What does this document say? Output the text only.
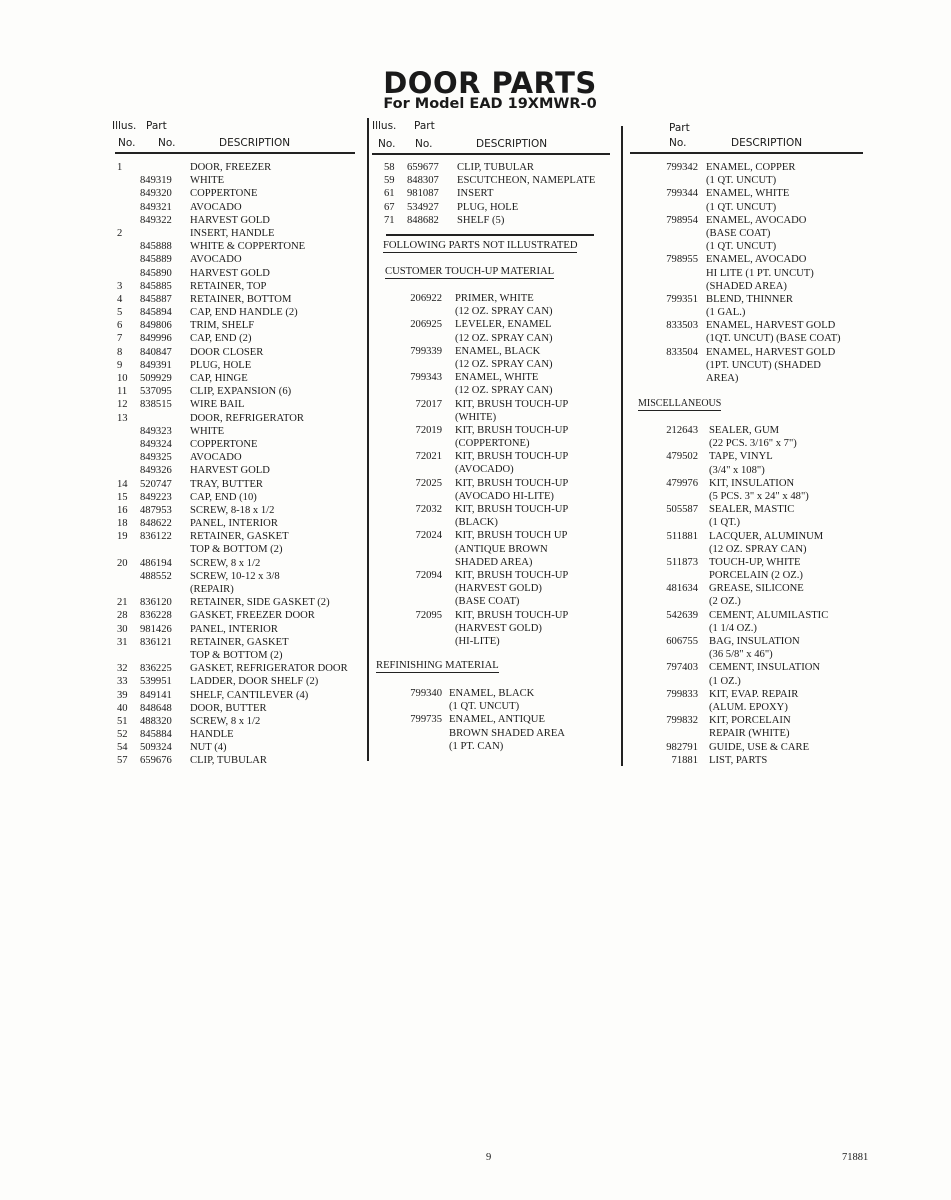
DOOR PARTS
For Model EAD 19XMWR-0
Illus. Part
No. No.	DESCRIPTION
Illus. Part
No. No.	DESCRIPTION
Part
No.	DESCRIPTION
1	DOOR, FREEZER
849319 WHITE
849320 COPPERTONE
849321 AVOCADO
849322 HARVEST GOLD
2	INSERT, HANDLE
845888 WHITE & COPPERTONE
845889 AVOCADO
845890 HARVEST GOLD
3 845885 RETAINER, TOP
4 845887 RETAINER, BOTTOM
5 845894 CAP, END HANDLE (2)
6 849806 TRIM, SHELF
7 849996 CAP, END (2)
8 840847 DOOR CLOSER
9 849391 PLUG, HOLE
10 509929 CAP, HINGE
11 537095 CLIP, EXPANSION (6)
12 838515 WIRE BAIL
13	DOOR, REFRIGERATOR
849323 WHITE
849324 COPPERTONE
849325 AVOCADO
849326 HARVEST GOLD
14 520747 TRAY, BUTTER
15 849223 CAP, END (10)
16 487953 SCREW, 8-18 x 1/2
18 848622 PANEL, INTERIOR
19 836122 RETAINER, GASKET
TOP & BOTTOM (2)
20 486194 SCREW, 8 x 1/2
488552 SCREW, 10-12 x 3/8
(REPAIR)
21 836120 RETAINER, SIDE GASKET (2)
28 836228 GASKET, FREEZER DOOR
30 981426 PANEL, INTERIOR
31 836121 RETAINER, GASKET
TOP & BOTTOM (2)
32 836225 GASKET, REFRIGERATOR DOOR
33 539951 LADDER, DOOR SHELF (2)
39 849141 SHELF, CANTILEVER (4)
40 848648 DOOR, BUTTER
51 488320 SCREW, 8 x 1/2
52 845884 HANDLE
54 509324 NUT (4)
57 659676 CLIP, TUBULAR
58 659677 CLIP, TUBULAR
59 848307 ESCUTCHEON, NAMEPLATE
61 981087 INSERT
67 534927 PLUG, HOLE
71 848682 SHELF (5)
FOLLOWING PARTS NOT ILLUSTRATED
CUSTOMER TOUCH-UP MATERIAL
206922 PRIMER, WHITE
(12 OZ. SPRAY CAN)
206925 LEVELER, ENAMEL
(12 OZ. SPRAY CAN)
799339 ENAMEL, BLACK
(12 OZ. SPRAY CAN)
799343 ENAMEL, WHITE
(12 OZ. SPRAY CAN)
72017 KIT, BRUSH TOUCH-UP
(WHITE)
72019 KIT, BRUSH TOUCH-UP
(COPPERTONE)
72021 KIT, BRUSH TOUCH-UP
(AVOCADO)
72025 KIT, BRUSH TOUCH-UP
(AVOCADO HI-LITE)
72032 KIT, BRUSH TOUCH-UP
(BLACK)
72024 KIT, BRUSH TOUCH UP
(ANTIQUE BROWN
SHADED AREA)
72094 KIT, BRUSH TOUCH-UP
(HARVEST GOLD)
(BASE COAT)
72095 KIT, BRUSH TOUCH-UP
(HARVEST GOLD)
(HI-LITE)
REFINISHING MATERIAL
799340 ENAMEL, BLACK
(1 QT. UNCUT)
799735 ENAMEL, ANTIQUE
BROWN SHADED AREA
(1 PT. CAN)
799342 ENAMEL, COPPER
(1 QT. UNCUT)
799344 ENAMEL, WHITE
(1 QT. UNCUT)
798954 ENAMEL, AVOCADO
(BASE COAT)
(1 QT. UNCUT)
798955 ENAMEL, AVOCADO
HI LITE (1 PT. UNCUT)
(SHADED AREA)
799351 BLEND, THINNER
(1 GAL.)
833503 ENAMEL, HARVEST GOLD
(1QT. UNCUT) (BASE COAT)
833504 ENAMEL, HARVEST GOLD
(1PT. UNCUT) (SHADED
AREA)
MISCELLANEOUS
212643 SEALER, GUM
(22 PCS. 3/16" x 7")
479502 TAPE, VINYL
(3/4" x 108")
479976 KIT, INSULATION
(5 PCS. 3" x 24" x 48")
505587 SEALER, MASTIC
(1 QT.)
511881 LACQUER, ALUMINUM
(12 OZ. SPRAY CAN)
511873 TOUCH-UP, WHITE
PORCELAIN (2 OZ.)
481634 GREASE, SILICONE
(2 OZ.)
542639 CEMENT, ALUMILASTIC
(1 1/4 OZ.)
606755 BAG, INSULATION
(36 5/8" x 46")
797403 CEMENT, INSULATION
(1 OZ.)
799833 KIT, EVAP. REPAIR
(ALUM. EPOXY)
799832 KIT, PORCELAIN
REPAIR (WHITE)
982791 GUIDE, USE & CARE
71881 LIST, PARTS
9	71881
